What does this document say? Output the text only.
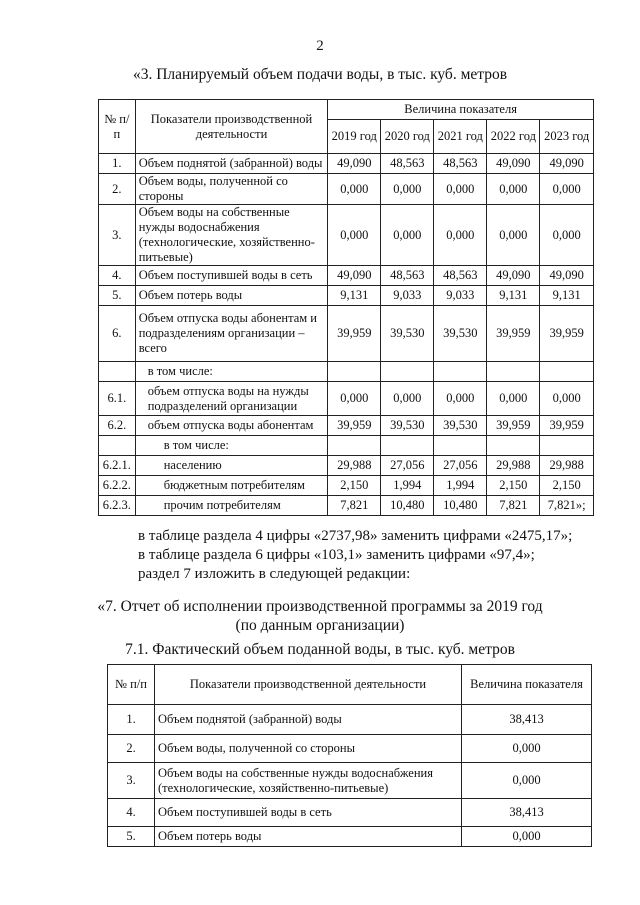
2
«3. Планируемый объем подачи воды, в тыс. куб. метров
№ п/п	Показатели производственной деятельности	Величина показателя				
		2019 год	2020 год	2021 год	2022 год	2023 год
1.	Объем поднятой (забранной) воды	49,090	48,563	48,563	49,090	49,090
2.	Объем воды, полученной со стороны	0,000	0,000	0,000	0,000	0,000
3.	Объем воды на собственные нужды водоснабжения (технологические, хозяйственно-питьевые)	0,000	0,000	0,000	0,000	0,000
4.	Объем поступившей воды в сеть	49,090	48,563	48,563	49,090	49,090
5.	Объем потерь воды	9,131	9,033	9,033	9,131	9,131
6.	Объем отпуска воды абонентам и подразделениям организации – всего	39,959	39,530	39,530	39,959	39,959
	в том числе:					
6.1.	объем отпуска воды на нужды подразделений организации	0,000	0,000	0,000	0,000	0,000
6.2.	объем отпуска воды абонентам	39,959	39,530	39,530	39,959	39,959
	в том числе:					
6.2.1.	населению	29,988	27,056	27,056	29,988	29,988
6.2.2.	бюджетным потребителям	2,150	1,994	1,994	2,150	2,150
6.2.3.	прочим потребителям	7,821	10,480	10,480	7,821	7,821»;
в таблице раздела 4 цифры «2737,98» заменить цифрами «2475,17»;
в таблице раздела 6 цифры «103,1» заменить цифрами «97,4»;
раздел 7 изложить в следующей редакции:
«7. Отчет об исполнении производственной программы за 2019 год
(по данным организации)
7.1. Фактический объем поданной воды, в тыс. куб. метров
№ п/п	Показатели производственной деятельности	Величина показателя
1.	Объем поднятой (забранной) воды	38,413
2.	Объем воды, полученной со стороны	0,000
3.	Объем воды на собственные нужды водоснабжения (технологические, хозяйственно-питьевые)	0,000
4.	Объем поступившей воды в сеть	38,413
5.	Объем потерь воды	0,000
